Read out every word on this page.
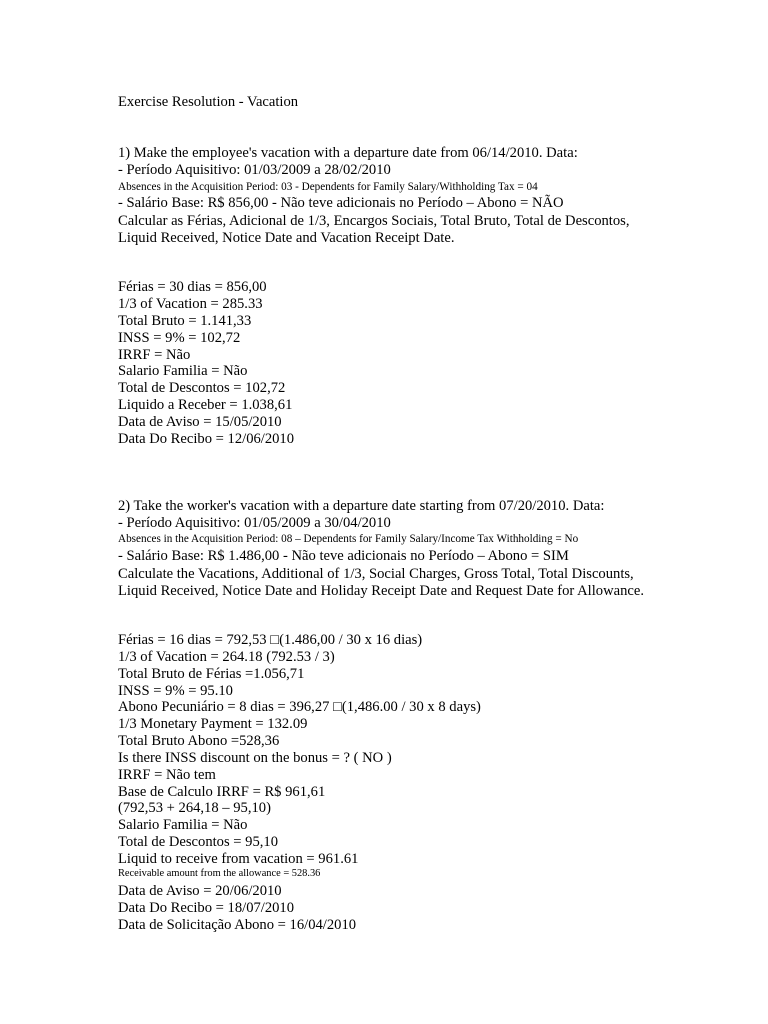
Exercise Resolution - Vacation
1) Make the employee's vacation with a departure date from 06/14/2010. Data:
- Período Aquisitivo: 01/03/2009 a 28/02/2010
Absences in the Acquisition Period: 03 - Dependents for Family Salary/Withholding Tax = 04
- Salário Base: R$ 856,00 - Não teve adicionais no Período – Abono = NÃO
Calcular as Férias, Adicional de 1/3, Encargos Sociais, Total Bruto, Total de Descontos,
Liquid Received, Notice Date and Vacation Receipt Date.
Férias = 30 dias = 856,00
1/3 of Vacation = 285.33
Total Bruto = 1.141,33
INSS = 9% = 102,72
IRRF = Não
Salario Familia = Não
Total de Descontos = 102,72
Liquido a Receber = 1.038,61
Data de Aviso = 15/05/2010
Data Do Recibo = 12/06/2010
2) Take the worker's vacation with a departure date starting from 07/20/2010. Data:
- Período Aquisitivo: 01/05/2009 a 30/04/2010
Absences in the Acquisition Period: 08 – Dependents for Family Salary/Income Tax Withholding = No
- Salário Base: R$ 1.486,00 - Não teve adicionais no Período – Abono = SIM
Calculate the Vacations, Additional of 1/3, Social Charges, Gross Total, Total Discounts,
Liquid Received, Notice Date and Holiday Receipt Date and Request Date for Allowance.
Férias = 16 dias = 792,53 □(1.486,00 / 30 x 16 dias)
1/3 of Vacation = 264.18 (792.53 / 3)
Total Bruto de Férias =1.056,71
INSS = 9% = 95.10
Abono Pecuniário = 8 dias = 396,27 □(1,486.00 / 30 x 8 days)
1/3 Monetary Payment = 132.09
Total Bruto Abono =528,36
Is there INSS discount on the bonus = ? ( NO )
IRRF = Não tem
Base de Calculo IRRF = R$ 961,61
(792,53 + 264,18 – 95,10)
Salario Familia = Não
Total de Descontos = 95,10
Liquid to receive from vacation = 961.61
Receivable amount from the allowance = 528.36
Data de Aviso = 20/06/2010
Data Do Recibo = 18/07/2010
Data de Solicitação Abono = 16/04/2010
